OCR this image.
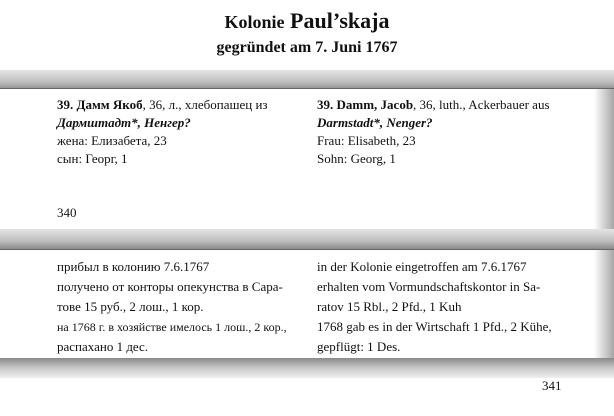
Kolonie Paul’skaja
gegründet am 7. Juni 1767

39. Дамм Якоб, 36, л., хлебопашец из

Дармштадт*, Ненгер?

жена: Елизабета, 23

сын: Георг, 1

39. Damm, Jacob, 36, luth., Ackerbauer aus

Darmstadt*, Nenger?

Frau: Elisabeth, 23

Sohn: Georg, 1

340

прибыл в колонию 7.6.1767

получено от конторы опекунства в Сара-

тове 15 руб., 2 лош., 1 кор.

на 1768 г. в хозяйстве имелось 1 лош., 2 кор.,

распахано 1 дес.

in der Kolonie eingetroffen am 7.6.1767

erhalten vom Vormundschaftskontor in Sa-

ratov 15 Rbl., 2 Pfd., 1 Kuh

1768 gab es in der Wirtschaft 1 Pfd., 2 Kühe,

gepflügt: 1 Des.

341
